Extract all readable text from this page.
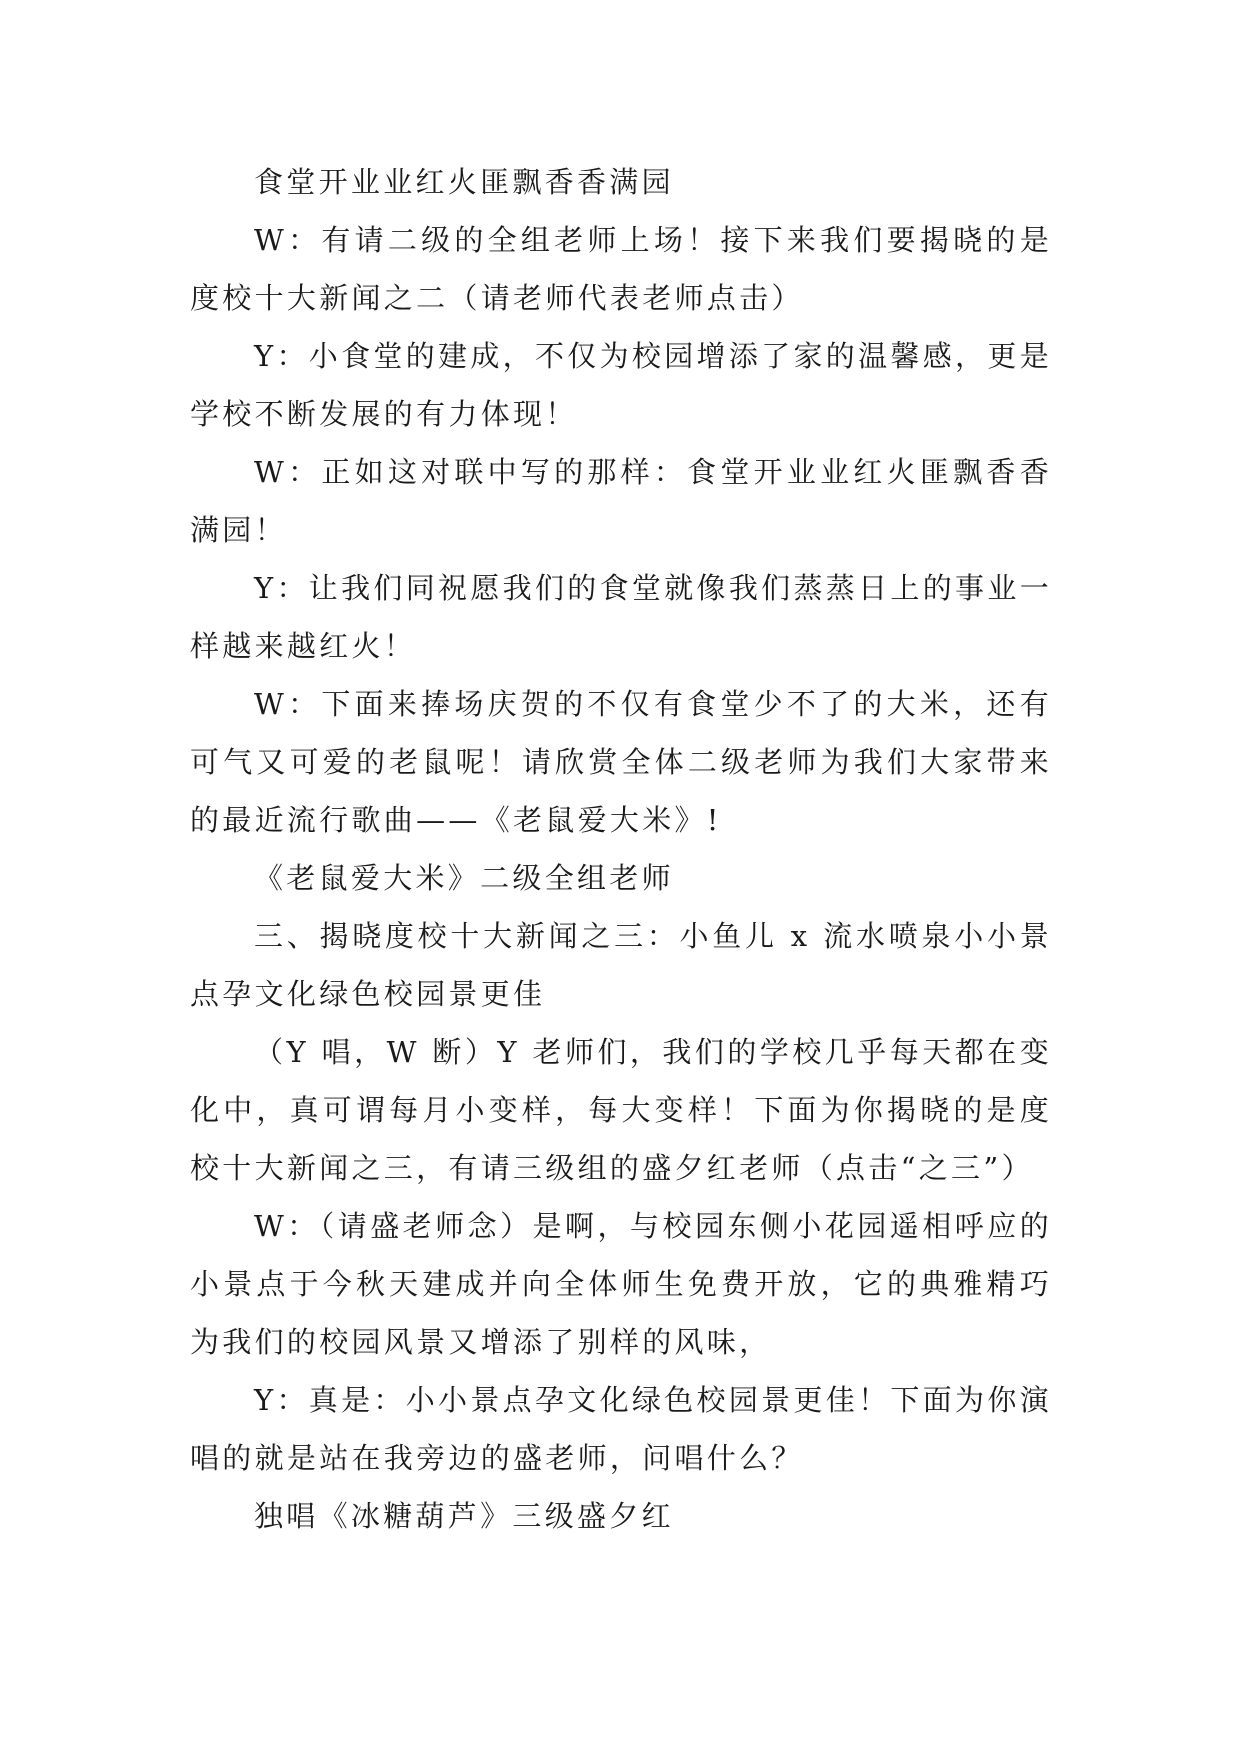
食堂开业业红火匪飘香香满园

W：有请二级的全组老师上场！接下来我们要揭晓的是度校十大新闻之二（请老师代表老师点击）

Y：小食堂的建成，不仅为校园增添了家的温馨感，更是学校不断发展的有力体现！

W：正如这对联中写的那样：食堂开业业红火匪飘香香满园！

Y：让我们同祝愿我们的食堂就像我们蒸蒸日上的事业一样越来越红火！

W：下面来捧场庆贺的不仅有食堂少不了的大米，还有可气又可爱的老鼠呢！请欣赏全体二级老师为我们大家带来的最近流行歌曲——《老鼠爱大米》!

《老鼠爱大米》二级全组老师

三、揭晓度校十大新闻之三：小鱼儿 x 流水喷泉小小景点孕文化绿色校园景更佳

（Y 唱，W 断）Y 老师们，我们的学校几乎每天都在变化中，真可谓每月小变样，每大变样！下面为你揭晓的是度校十大新闻之三，有请三级组的盛夕红老师（点击“之三”）

W：（请盛老师念）是啊，与校园东侧小花园遥相呼应的小景点于今秋天建成并向全体师生免费开放，它的典雅精巧为我们的校园风景又增添了别样的风味，

Y：真是：小小景点孕文化绿色校园景更佳！下面为你演唱的就是站在我旁边的盛老师，问唱什么？

独唱《冰糖葫芦》三级盛夕红
